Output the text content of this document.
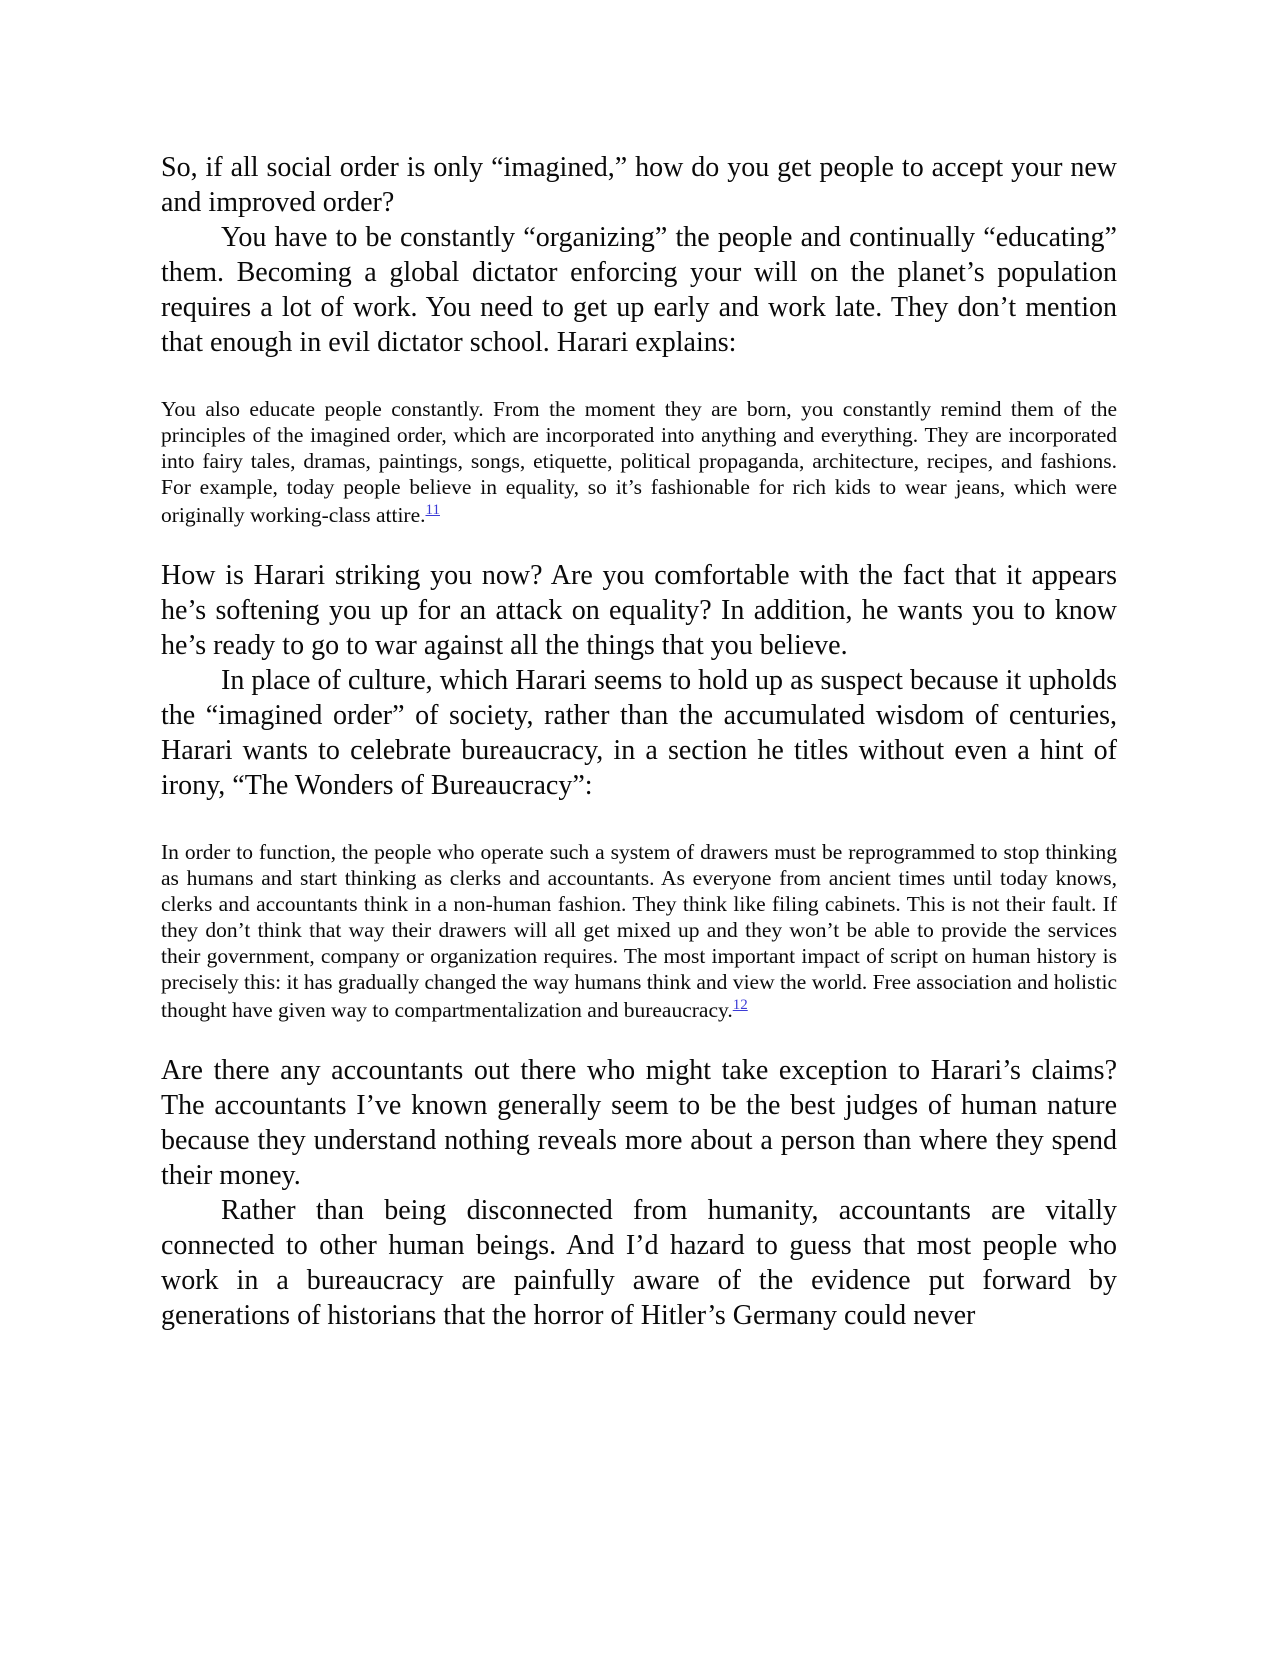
So, if all social order is only “imagined,” how do you get people to accept your new and improved order?

You have to be constantly “organizing” the people and continually “educating” them. Becoming a global dictator enforcing your will on the planet’s population requires a lot of work. You need to get up early and work late. They don’t mention that enough in evil dictator school. Harari explains:

You also educate people constantly. From the moment they are born, you constantly remind them of the principles of the imagined order, which are incorporated into anything and everything. They are incorporated into fairy tales, dramas, paintings, songs, etiquette, political propaganda, architecture, recipes, and fashions. For example, today people believe in equality, so it’s fashionable for rich kids to wear jeans, which were originally working-class attire.$^{11}$

How is Harari striking you now? Are you comfortable with the fact that it appears he’s softening you up for an attack on equality? In addition, he wants you to know he’s ready to go to war against all the things that you believe.

In place of culture, which Harari seems to hold up as suspect because it upholds the “imagined order” of society, rather than the accumulated wisdom of centuries, Harari wants to celebrate bureaucracy, in a section he titles without even a hint of irony, “The Wonders of Bureaucracy”:

In order to function, the people who operate such a system of drawers must be reprogrammed to stop thinking as humans and start thinking as clerks and accountants. As everyone from ancient times until today knows, clerks and accountants think in a non-human fashion. They think like filing cabinets. This is not their fault. If they don’t think that way their drawers will all get mixed up and they won’t be able to provide the services their government, company or organization requires. The most important impact of script on human history is precisely this: it has gradually changed the way humans think and view the world. Free association and holistic thought have given way to compartmentalization and bureaucracy.$^{12}$

Are there any accountants out there who might take exception to Harari’s claims? The accountants I’ve known generally seem to be the best judges of human nature because they understand nothing reveals more about a person than where they spend their money.

Rather than being disconnected from humanity, accountants are vitally connected to other human beings. And I’d hazard to guess that most people who work in a bureaucracy are painfully aware of the evidence put forward by generations of historians that the horror of Hitler’s Germany could never
